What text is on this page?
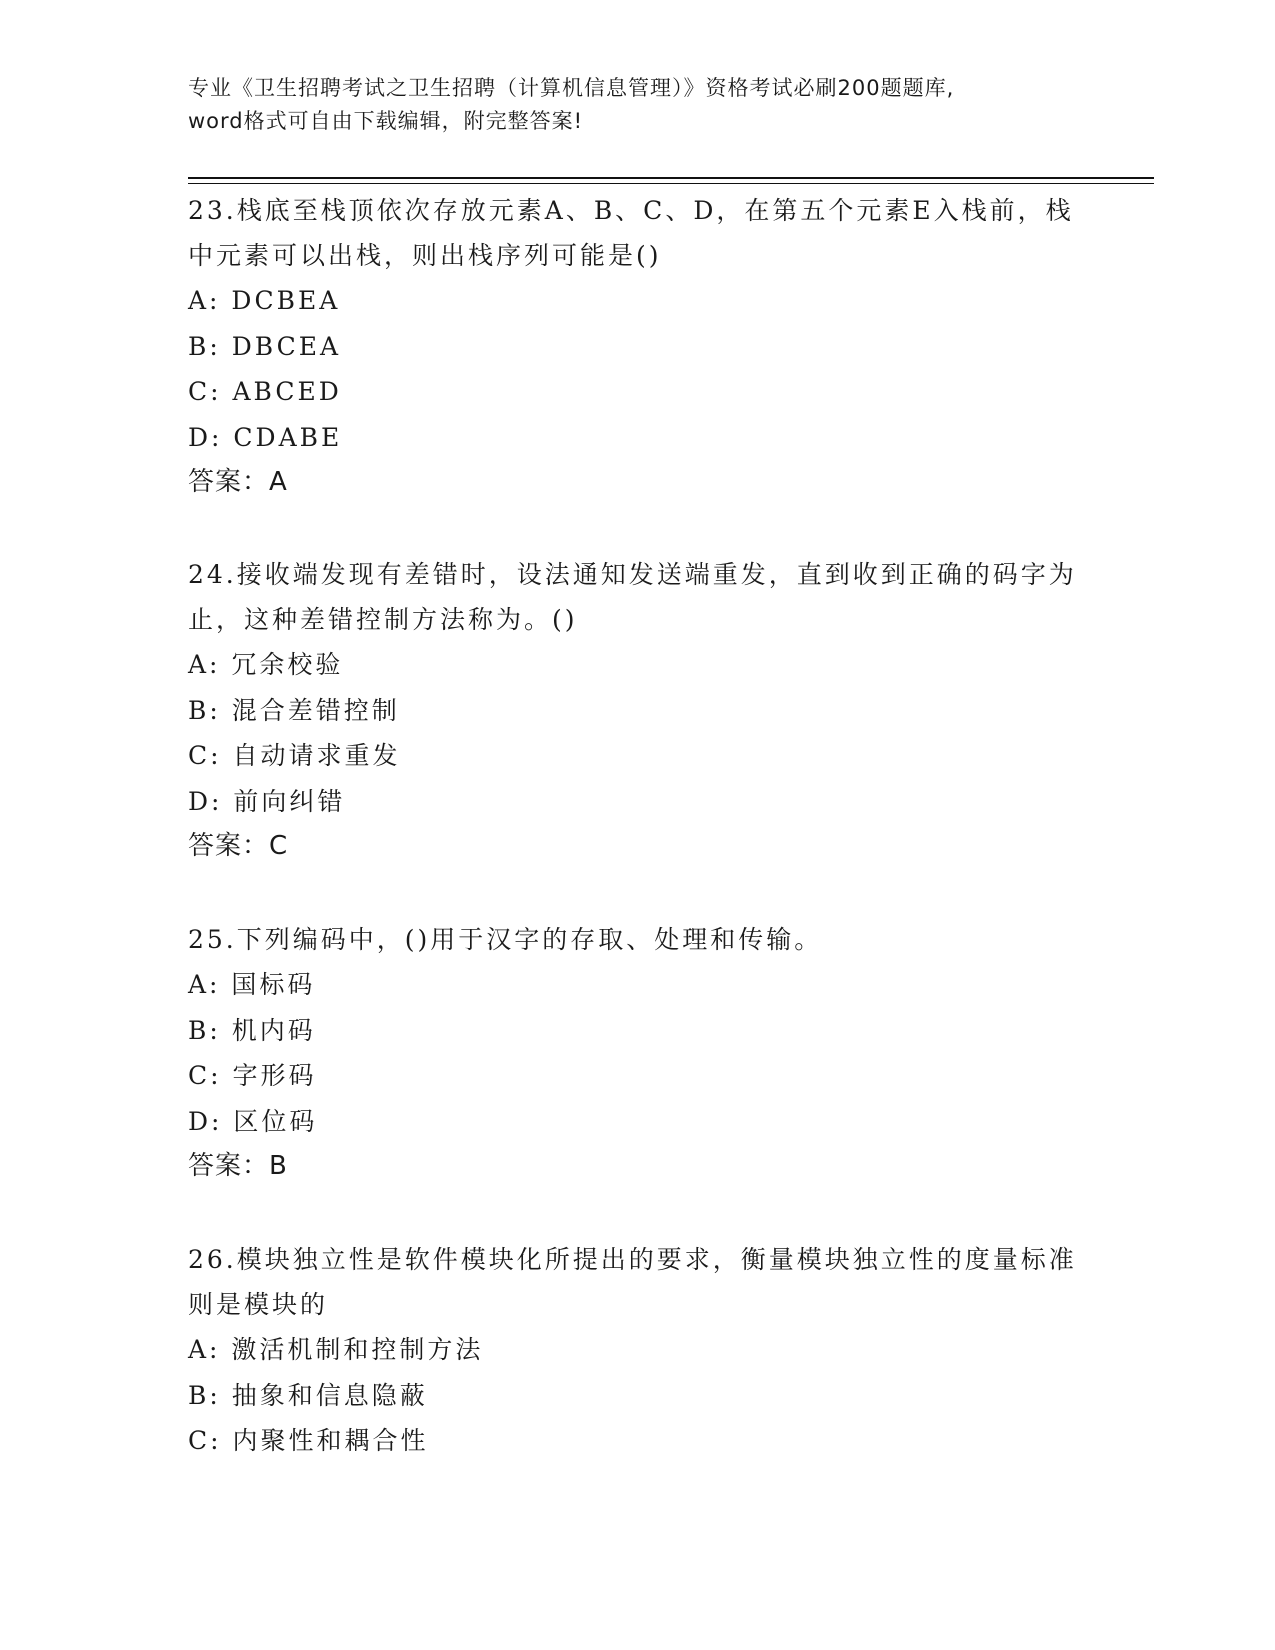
专业《卫生招聘考试之卫生招聘（计算机信息管理）》资格考试必刷200题题库,
word格式可自由下载编辑，附完整答案!

23.栈底至栈顶依次存放元素A、B、C、D，在第五个元素E入栈前，栈中元素可以出栈，则出栈序列可能是()

A: DCBEA
B: DBCEA
C: ABCED
D: CDABE
答案：A

24.接收端发现有差错时，设法通知发送端重发，直到收到正确的码字为止，这种差错控制方法称为。()

A: 冗余校验
B: 混合差错控制
C: 自动请求重发
D: 前向纠错
答案：C

25.下列编码中，()用于汉字的存取、处理和传输。

A: 国标码
B: 机内码
C: 字形码
D: 区位码
答案：B

26.模块独立性是软件模块化所提出的要求，衡量模块独立性的度量标准则是模块的

A: 激活机制和控制方法
B: 抽象和信息隐蔽
C: 内聚性和耦合性
